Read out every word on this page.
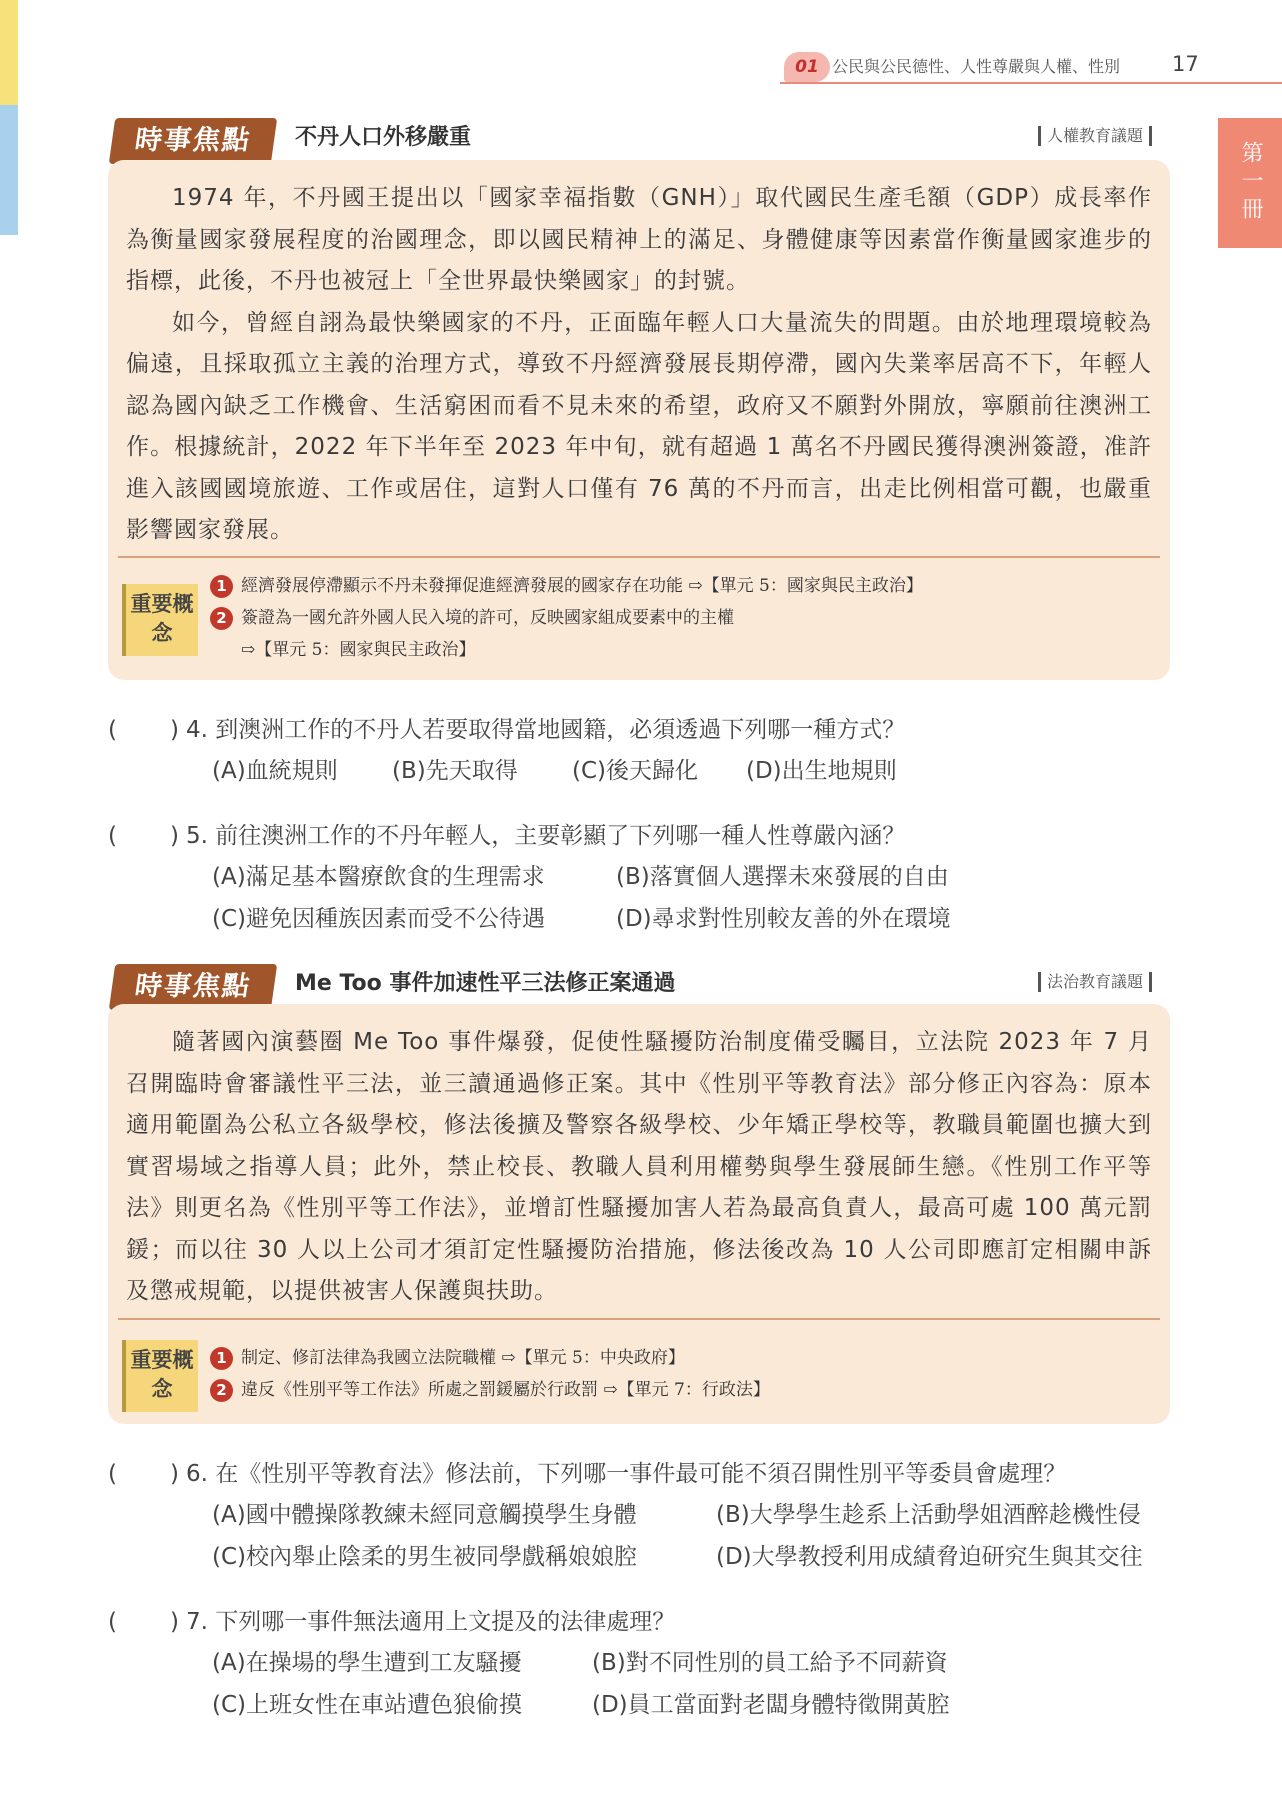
01 公民與公民德性、人性尊嚴與人權、性別 17
第一冊
時事焦點	不丹人口外移嚴重	人權教育議題

1974 年，不丹國王提出以「國家幸福指數（GNH）」取代國民生產毛額（GDP）成長率作為衡量國家發展程度的治國理念，即以國民精神上的滿足、身體健康等因素當作衡量國家進步的指標，此後，不丹也被冠上「全世界最快樂國家」的封號。

如今，曾經自詡為最快樂國家的不丹，正面臨年輕人口大量流失的問題。由於地理環境較為偏遠，且採取孤立主義的治理方式，導致不丹經濟發展長期停滯，國內失業率居高不下，年輕人認為國內缺乏工作機會、生活窮困而看不見未來的希望，政府又不願對外開放，寧願前往澳洲工作。根據統計，2022 年下半年至 2023 年中旬，就有超過 1 萬名不丹國民獲得澳洲簽證，准許進入該國國境旅遊、工作或居住，這對人口僅有 76 萬的不丹而言，出走比例相當可觀，也嚴重影響國家發展。

重要概念
1 經濟發展停滯顯示不丹未發揮促進經濟發展的國家存在功能 ⇨【單元 5：國家與民主政治】
2 簽證為一國允許外國人民入境的許可，反映國家組成要素中的主權
⇨【單元 5：國家與民主政治】
( ) 4. 到澳洲工作的不丹人若要取得當地國籍，必須透過下列哪一種方式？
(A)血統規則 (B)先天取得 (C)後天歸化 (D)出生地規則
( ) 5. 前往澳洲工作的不丹年輕人，主要彰顯了下列哪一種人性尊嚴內涵？
(A)滿足基本醫療飲食的生理需求	(B)落實個人選擇未來發展的自由
(C)避免因種族因素而受不公待遇	(D)尋求對性別較友善的外在環境
時事焦點	Me Too 事件加速性平三法修正案通過	法治教育議題

隨著國內演藝圈 Me Too 事件爆發，促使性騷擾防治制度備受矚目，立法院 2023 年 7 月召開臨時會審議性平三法，並三讀通過修正案。其中《性別平等教育法》部分修正內容為：原本適用範圍為公私立各級學校，修法後擴及警察各級學校、少年矯正學校等，教職員範圍也擴大到實習場域之指導人員；此外，禁止校長、教職人員利用權勢與學生發展師生戀。《性別工作平等法》則更名為《性別平等工作法》，並增訂性騷擾加害人若為最高負責人，最高可處 100 萬元罰鍰；而以往 30 人以上公司才須訂定性騷擾防治措施，修法後改為 10 人公司即應訂定相關申訴及懲戒規範，以提供被害人保護與扶助。

重要概念
1 制定、修訂法律為我國立法院職權 ⇨【單元 5：中央政府】
2 違反《性別平等工作法》所處之罰鍰屬於行政罰 ⇨【單元 7：行政法】
( ) 6. 在《性別平等教育法》修法前，下列哪一事件最可能不須召開性別平等委員會處理？
(A)國中體操隊教練未經同意觸摸學生身體	(B)大學學生趁系上活動學姐酒醉趁機性侵
(C)校內舉止陰柔的男生被同學戲稱娘娘腔	(D)大學教授利用成績脅迫研究生與其交往
( ) 7. 下列哪一事件無法適用上文提及的法律處理？
(A)在操場的學生遭到工友騷擾	(B)對不同性別的員工給予不同薪資
(C)上班女性在車站遭色狼偷摸	(D)員工當面對老闆身體特徵開黃腔
